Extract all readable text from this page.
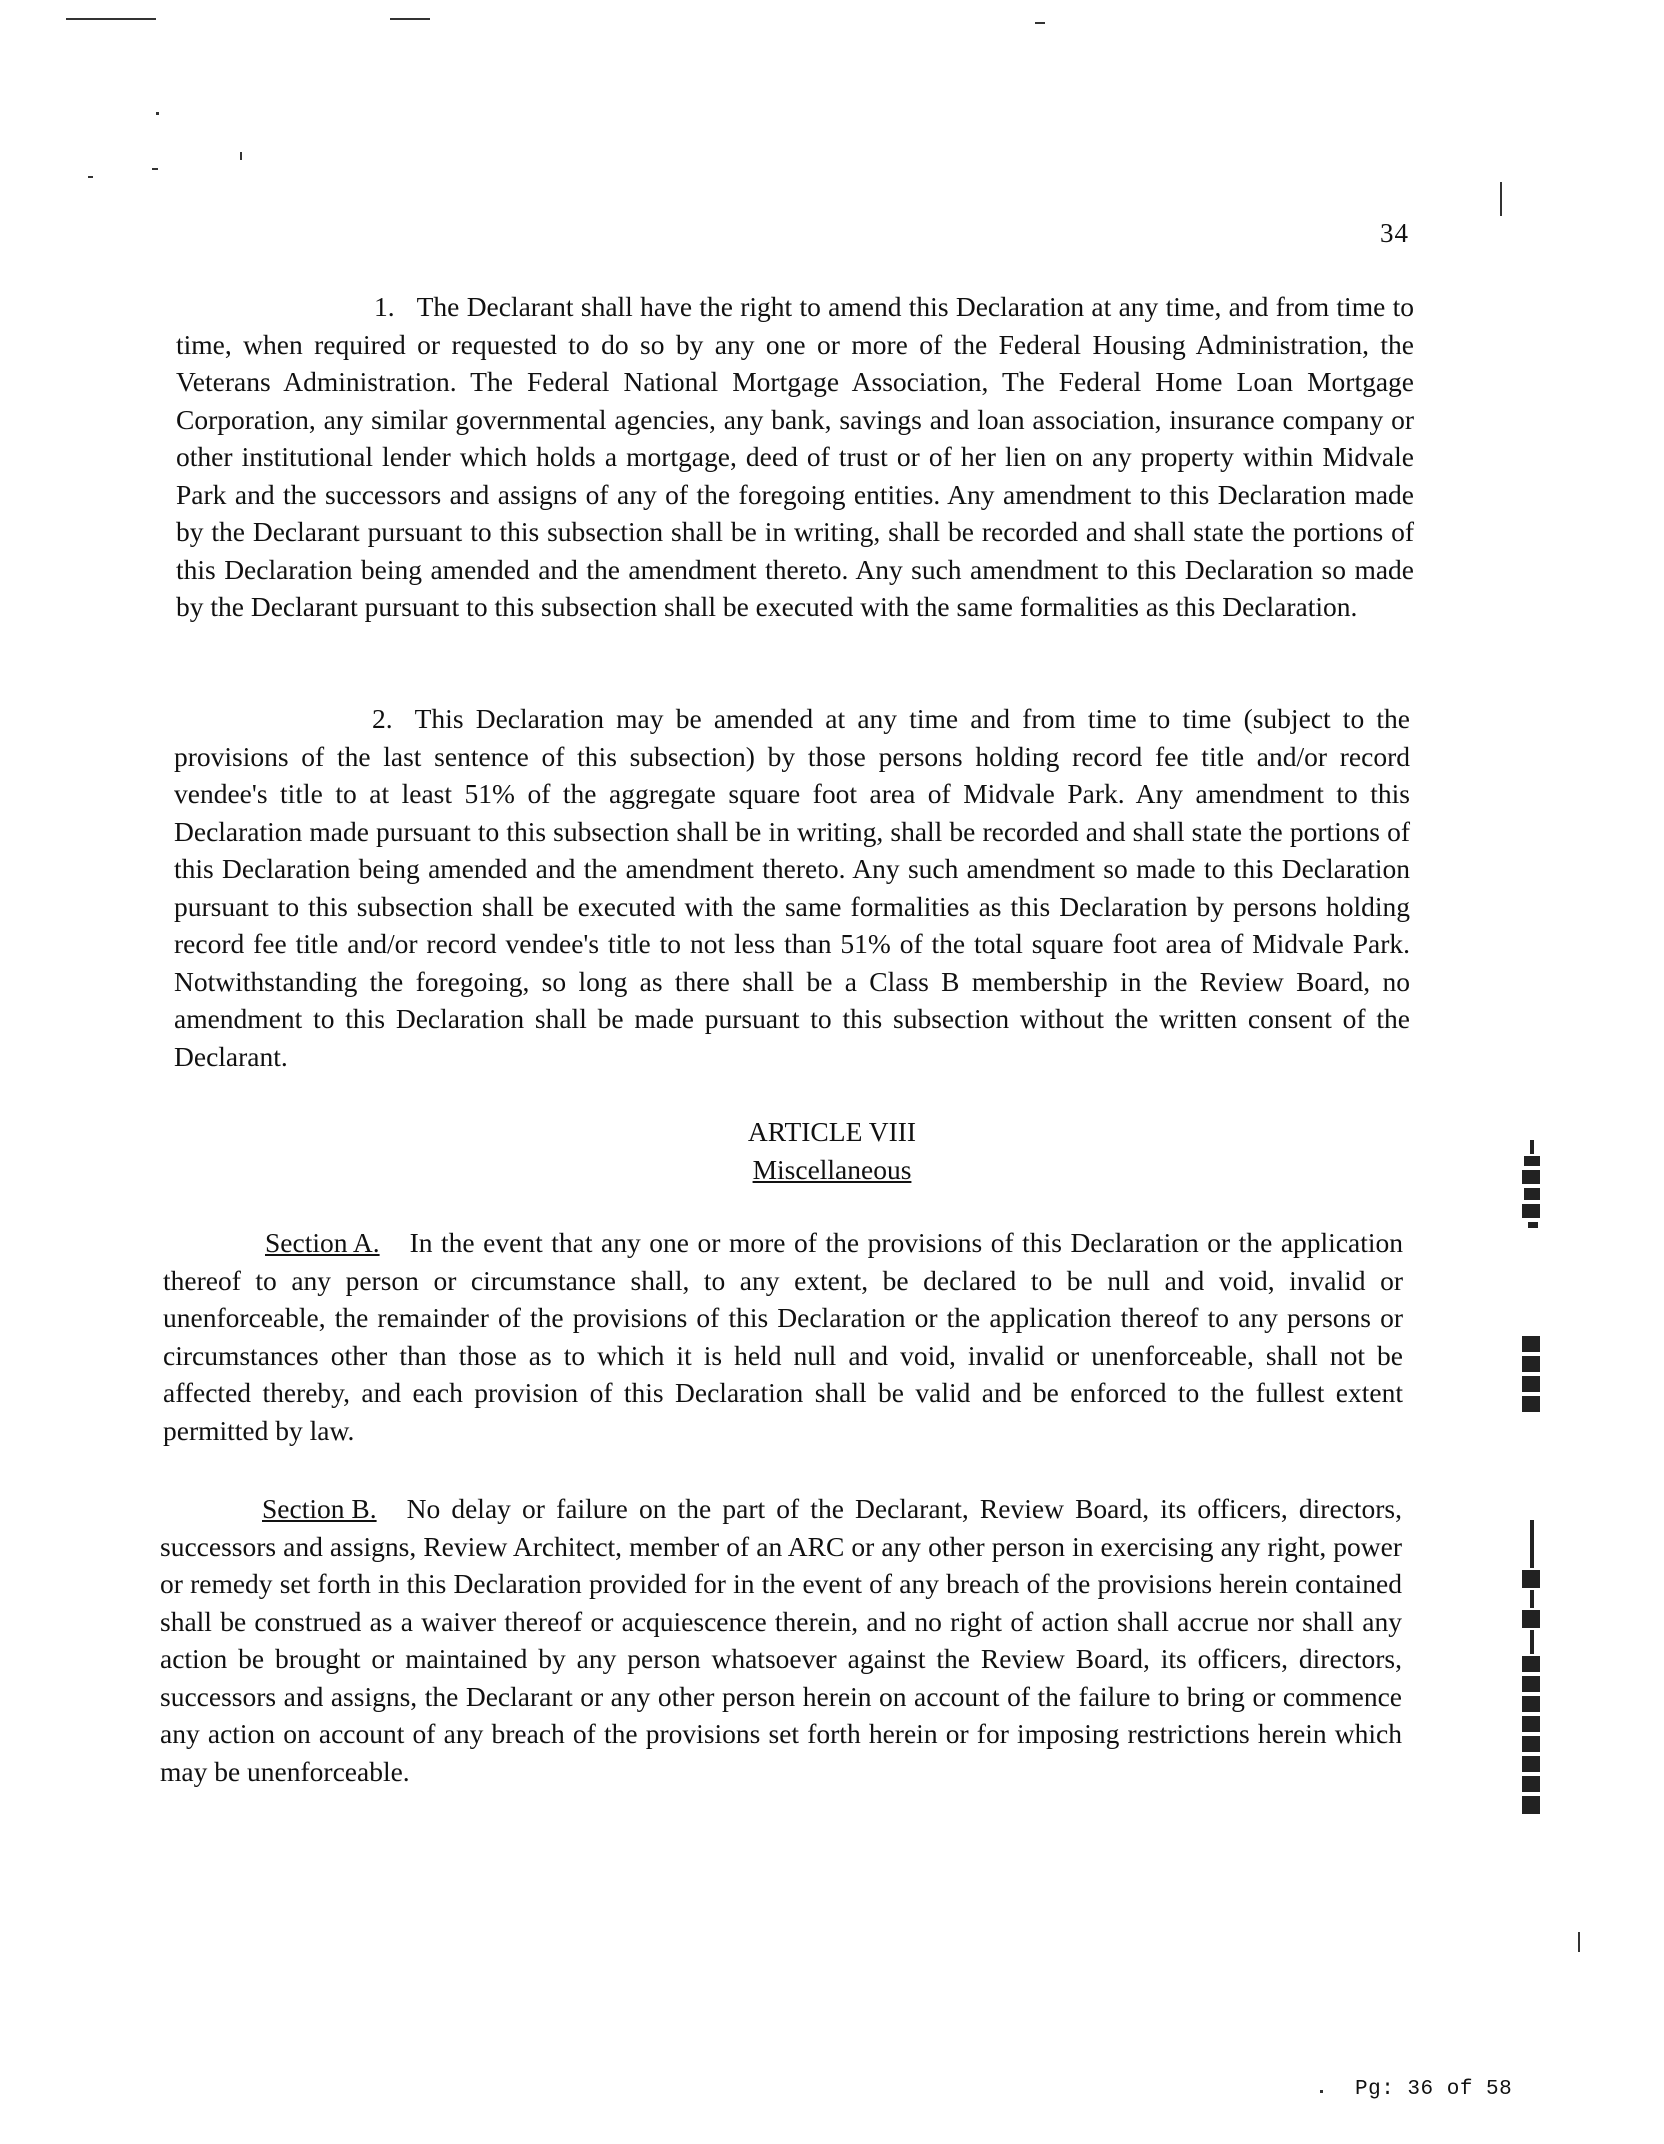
34
1. The Declarant shall have the right to amend this Declaration at any time, and from time to time, when required or requested to do so by any one or more of the Federal Housing Administration, the Veterans Administration. The Federal National Mortgage Association, The Federal Home Loan Mortgage Corporation, any similar governmental agencies, any bank, savings and loan association, insurance company or other institutional lender which holds a mortgage, deed of trust or of her lien on any property within Midvale Park and the successors and assigns of any of the foregoing entities. Any amendment to this Declaration made by the Declarant pursuant to this subsection shall be in writing, shall be recorded and shall state the portions of this Declaration being amended and the amendment thereto. Any such amendment to this Declaration so made by the Declarant pursuant to this subsection shall be executed with the same formalities as this Declaration.
2. This Declaration may be amended at any time and from time to time (subject to the provisions of the last sentence of this subsection) by those persons holding record fee title and/or record vendee's title to at least 51% of the aggregate square foot area of Midvale Park. Any amendment to this Declaration made pursuant to this subsection shall be in writing, shall be recorded and shall state the portions of this Declaration being amended and the amendment thereto. Any such amendment so made to this Declaration pursuant to this subsection shall be executed with the same formalities as this Declaration by persons holding record fee title and/or record vendee's title to not less than 51% of the total square foot area of Midvale Park. Notwithstanding the foregoing, so long as there shall be a Class B membership in the Review Board, no amendment to this Declaration shall be made pursuant to this subsection without the written consent of the Declarant.
ARTICLE VIII
Miscellaneous
Section A. In the event that any one or more of the provisions of this Declaration or the application thereof to any person or circumstance shall, to any extent, be declared to be null and void, invalid or unenforceable, the remainder of the provisions of this Declaration or the application thereof to any persons or circumstances other than those as to which it is held null and void, invalid or unenforceable, shall not be affected thereby, and each provision of this Declaration shall be valid and be enforced to the fullest extent permitted by law.
Section B. No delay or failure on the part of the Declarant, Review Board, its officers, directors, successors and assigns, Review Architect, member of an ARC or any other person in exercising any right, power or remedy set forth in this Declaration provided for in the event of any breach of the provisions herein contained shall be construed as a waiver thereof or acquiescence therein, and no right of action shall accrue nor shall any action be brought or maintained by any person whatsoever against the Review Board, its officers, directors, successors and assigns, the Declarant or any other person herein on account of the failure to bring or commence any action on account of any breach of the provisions set forth herein or for imposing restrictions herein which may be unenforceable.
Pg: 36 of 58
